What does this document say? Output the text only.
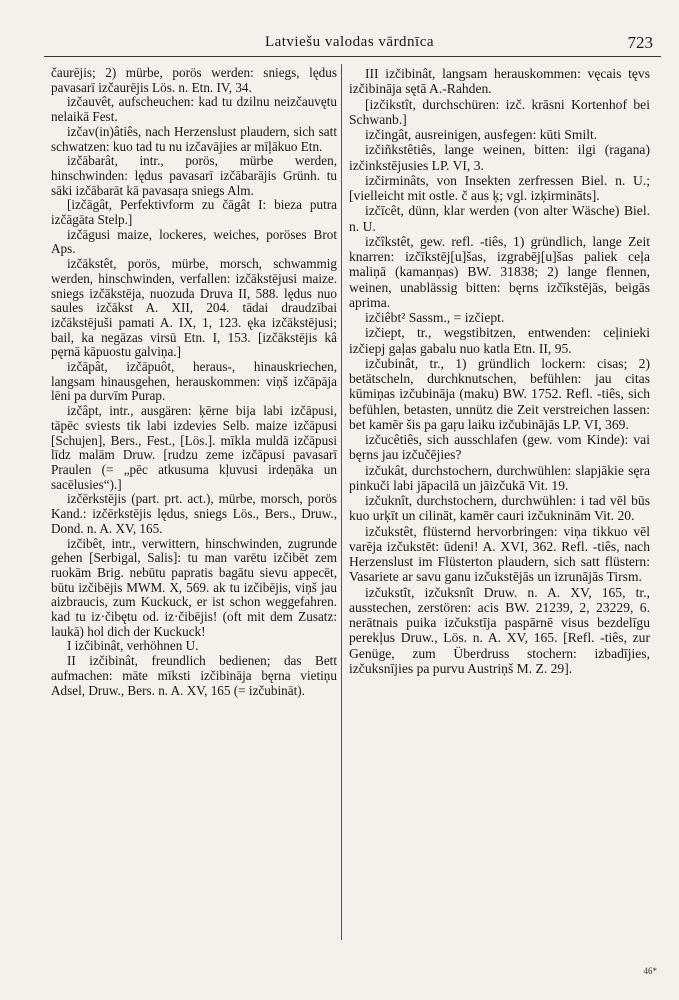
Latviešu valodas vārdnīca	723

čaurējis; 2) mürbe, porös werden: sniegs, lędus pavasarī izčaurējis Lös. n. Etn. IV, 34.

izčauvêt, aufscheuchen: kad tu dzilnu neizčauvętu nelaikā Fest.

izčav(in)âtiês, nach Herzenslust plaudern, sich satt schwatzen: kuo tad tu nu izčavājies ar mīļākuo Etn.

izčābarât, intr., porös, mürbe werden, hinschwinden: lędus pavasarī izčābarājis Grünh. tu sāki izčābarāt kā pavasaŗa sniegs Alm.

[izčāgât, Perfektivform zu čāgât I: bieza putra izčāgāta Stelp.]

izčāgusi maize, lockeres, weiches, poröses Brot Aps.

izčākstêt, porös, mürbe, morsch, schwammig werden, hinschwinden, verfallen: izčākstējusi maize. sniegs izčākstēja, nuozuda Druva II, 588. lędus nuo saules izčākst A. XII, 204. tādai draudzībai izčākstējuši pamati A. IX, 1, 123. ęka izčākstējusi; bail, ka negāzas virsū Etn. I, 153. [izčākstējis kâ pęrnā kāpuostu galviņa.]

izčāpât, izčāpuôt, heraus-, hinauskriechen, langsam hinausgehen, herauskommen: viņš izčāpāja lēni pa durvīm Purap.

izčâpt, intr., ausgären: ķērne bija labi izčāpusi, tāpēc sviests tik labi izdevies Selb. maize izčāpusi [Schujen], Bers., Fest., [Lös.]. mīkla muldā izčāpusi līdz malām Druw. [rudzu zeme izčāpusi pavasarī Praulen (= „pēc atkusuma kļuvusi irdeņāka un sacēlusies“).]

izčērkstējis (part. prt. act.), mürbe, morsch, porös Kand.: izčērkstējis lędus, sniegs Lös., Bers., Druw., Dond. n. A. XV, 165.

izčibêt, intr., verwittern, hinschwinden, zugrunde gehen [Serbigal, Salis]: tu man varētu izčibēt zem ruokām Brig. nebūtu papratis bagātu sievu appecēt, būtu izčibējis MWM. X, 569. ak tu izčibējis, viņš jau aizbraucis, zum Kuckuck, er ist schon weggefahren. kad tu iz·čibętu od. iz·čibējis! (oft mit dem Zusatz: laukā) hol dich der Kuckuck!

I izčibinât, verhöhnen U.

II izčibinât, freundlich bedienen; das Bett aufmachen: māte mīksti izčibināja bęrna vietiņu Adsel, Druw., Bers. n. A. XV, 165 (= izčubināt).

III izčibinât, langsam herauskommen: vęcais tęvs izčibināja sętā A.-Rahden.

[izčikstît, durchschüren: izč. krāsni Kortenhof bei Schwanb.]

izčingât, ausreinigen, ausfegen: kūti Smilt.

izčiñkstêtiês, lange weinen, bitten: ilgi (ragana) izčinkstējusies LP. VI, 3.

izčirminâts, von Insekten zerfressen Biel. n. U.; [vielleicht mit ostle. č aus ķ; vgl. izķirmināts].

izčīcêt, dünn, klar werden (von alter Wäsche) Biel. n. U.

izčîkstêt, gew. refl. -tiês, 1) gründlich, lange Zeit knarren: izčīkstēj[u]šas, izgrabēj[u]šas paliek ceļa maliņā (kamanņas) BW. 31838; 2) lange flennen, weinen, unablässig bitten: bęrns izčīkstējās, beigās aprima.

izčiêbt² Sassm., = izčiept.

izčiept, tr., wegstibitzen, entwenden: ceļinieki izčiepj gaļas gabalu nuo katla Etn. II, 95.

izčubinât, tr., 1) gründlich lockern: cisas; 2) betätscheln, durchknutschen, befühlen: jau citas kūmiņas izčubināja (maku) BW. 1752. Refl. -tiês, sich befühlen, betasten, unnütz die Zeit verstreichen lassen: bet kamēr šis pa gaŗu laiku izčubinājās LP. VI, 369.

izčucêtiês, sich ausschlafen (gew. vom Kinde): vai bęrns jau izčučējies?

izčukât, durchstochern, durchwühlen: slapjākie sęra pinkuči labi jāpacilā un jāizčukā Vit. 19.

izčuknît, durchstochern, durchwühlen: i tad vēl būs kuo urķīt un cilināt, kamēr cauri izčukninām Vit. 20.

izčukstêt, flüsternd hervorbringen: viņa tikkuo vēl varēja izčukstēt: ūdeni! A. XVI, 362. Refl. -tiês, nach Herzenslust im Flüsterton plaudern, sich satt flüstern: Vasariete ar savu ganu izčukstējās un izrunājās Tirsm.

izčukstît, izčuksnît Druw. n. A. XV, 165, tr., ausstechen, zerstören: acis BW. 21239, 2, 23229, 6. nerātnais puika izčukstīja paspārnē visus bezdelīgu perekļus Druw., Lös. n. A. XV, 165. [Refl. -tiês, zur Genüge, zum Überdruss stochern: izbadījies, izčuksnījies pa purvu Austriņš M. Z. 29].

46*
